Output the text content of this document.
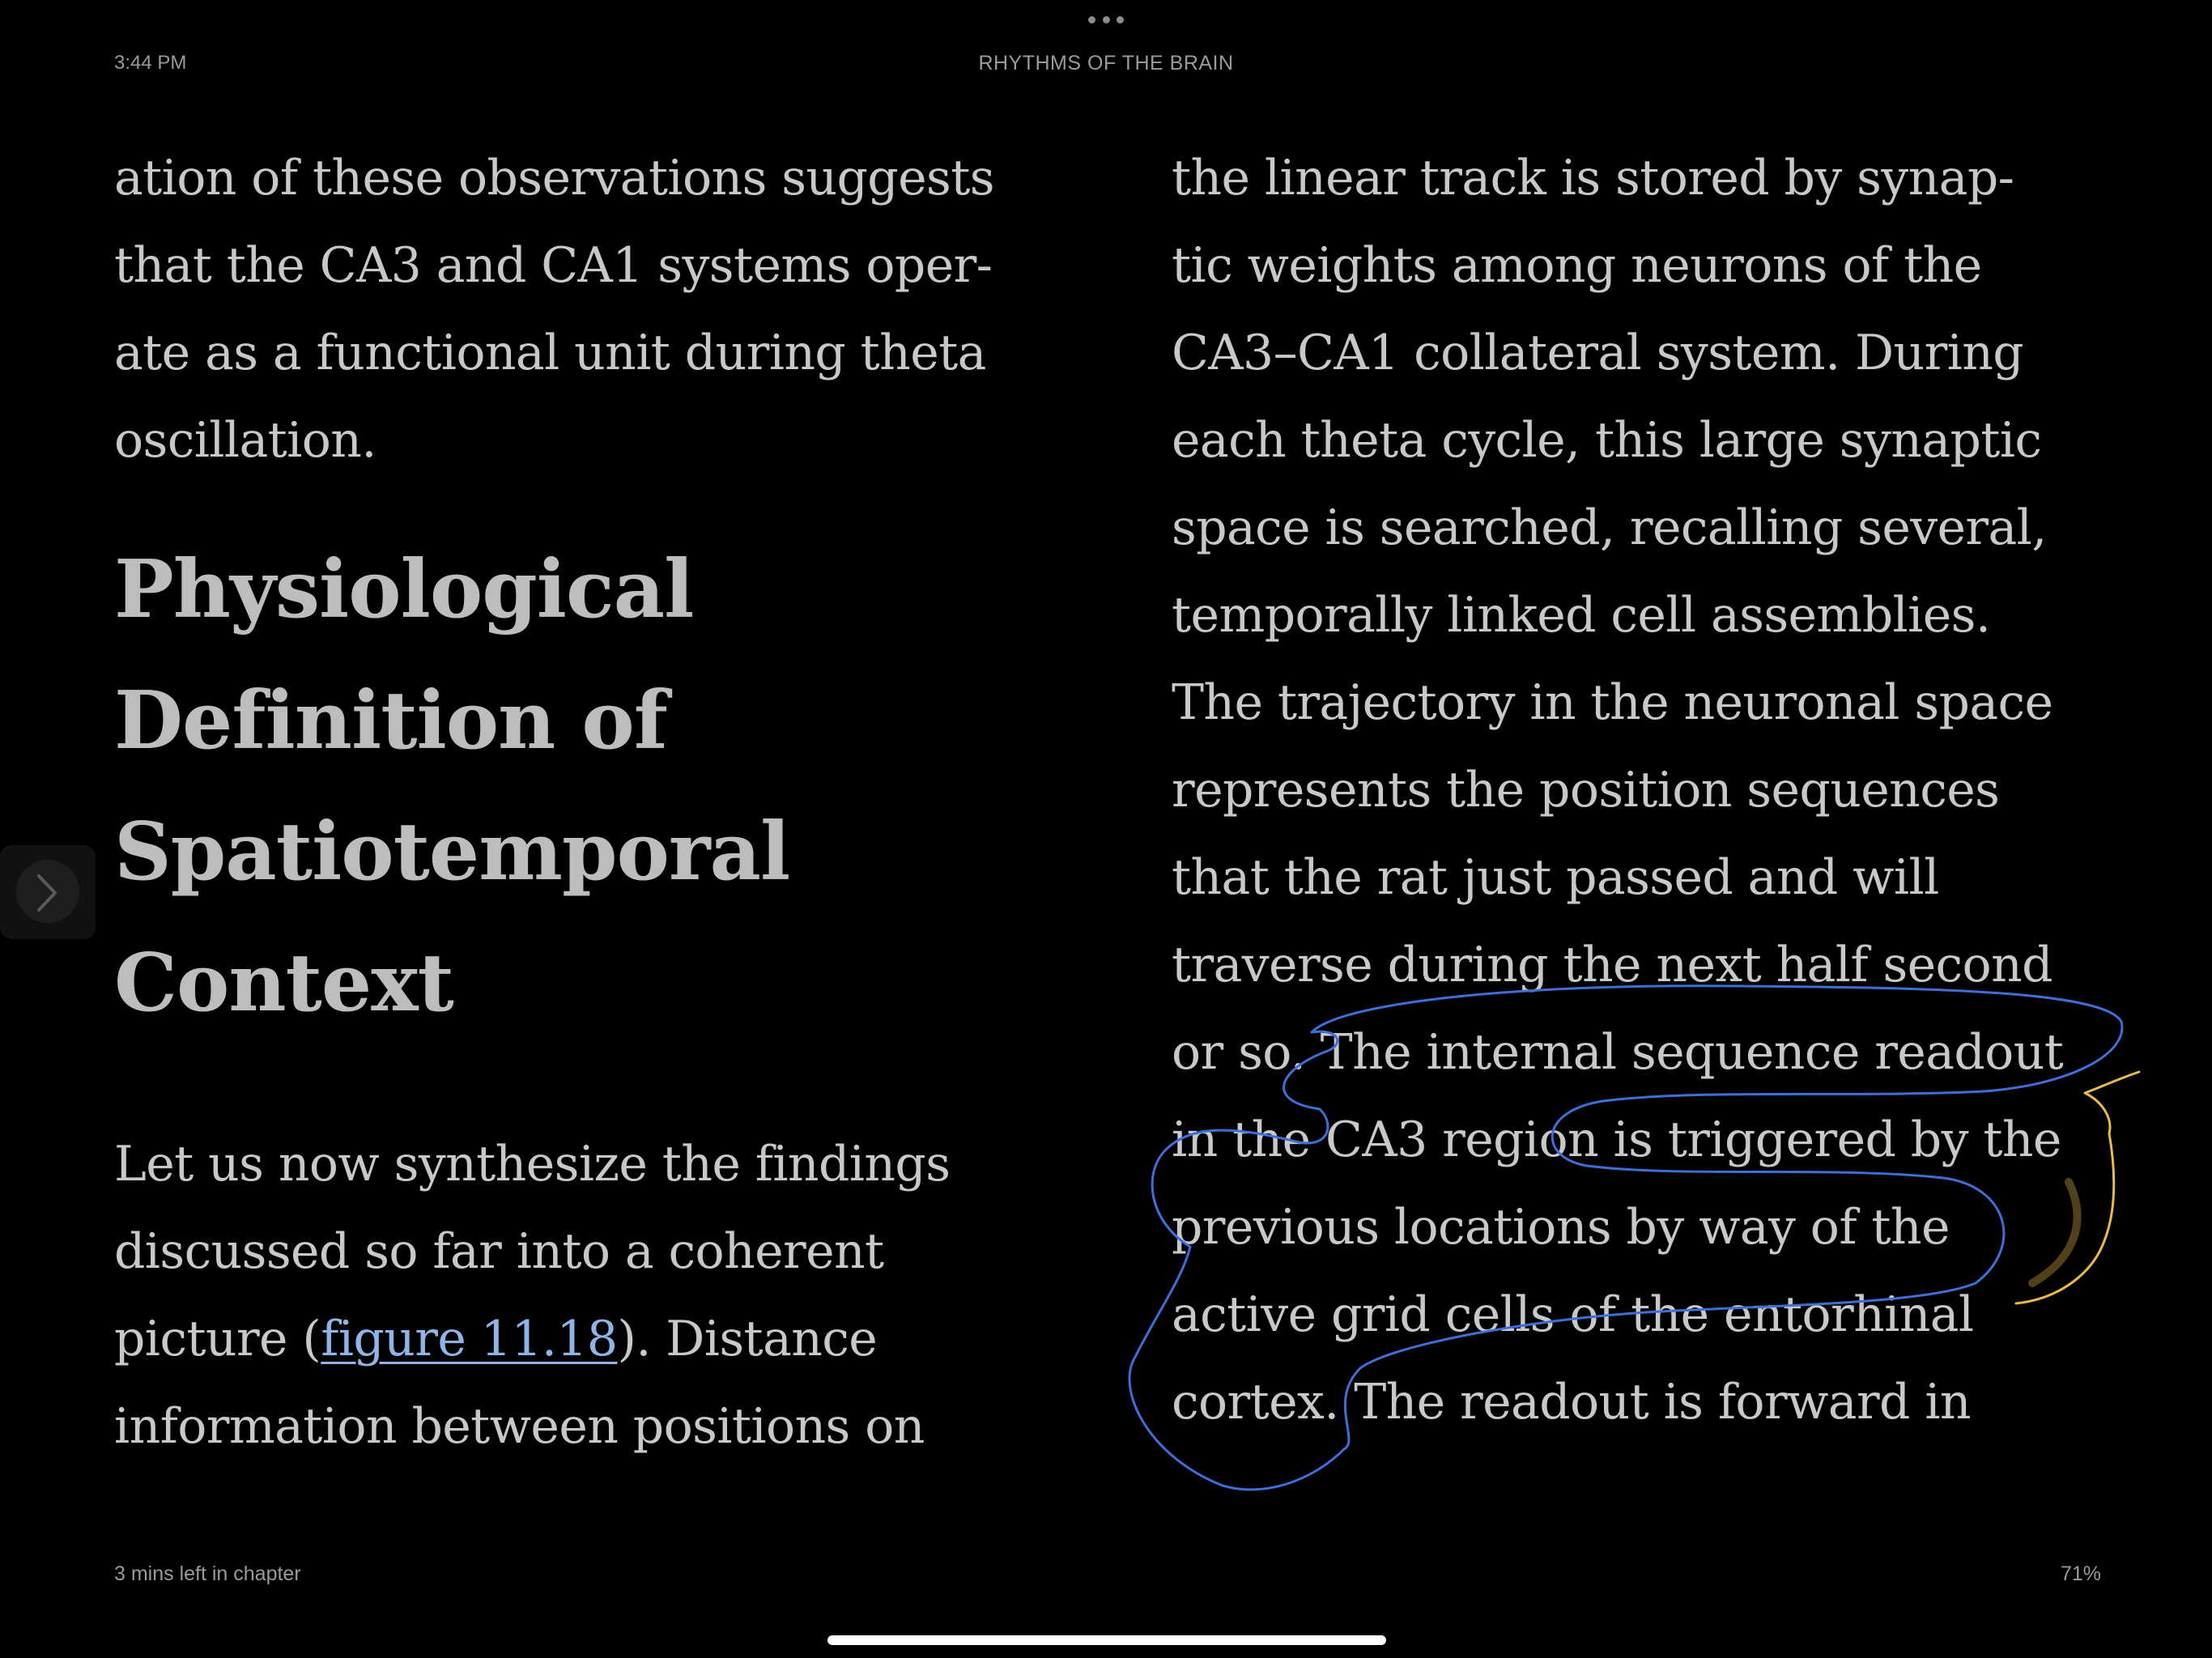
3:44 PM	RHYTHMS OF THE BRAIN
ation of these observations suggests
that the CA3 and CA1 systems oper-
ate as a functional unit during theta
oscillation.
Physiological
Definition of
Spatiotemporal
Context
Let us now synthesize the findings
discussed so far into a coherent
picture (figure 11.18). Distance
information between positions on
the linear track is stored by synap-
tic weights among neurons of the
CA3–CA1 collateral system. During
each theta cycle, this large synaptic
space is searched, recalling several,
temporally linked cell assemblies.
The trajectory in the neuronal space
represents the position sequences
that the rat just passed and will
traverse during the next half second
or so. The internal sequence readout
in the CA3 region is triggered by the
previous locations by way of the
active grid cells of the entorhinal
cortex. The readout is forward in
3 mins left in chapter	71%
